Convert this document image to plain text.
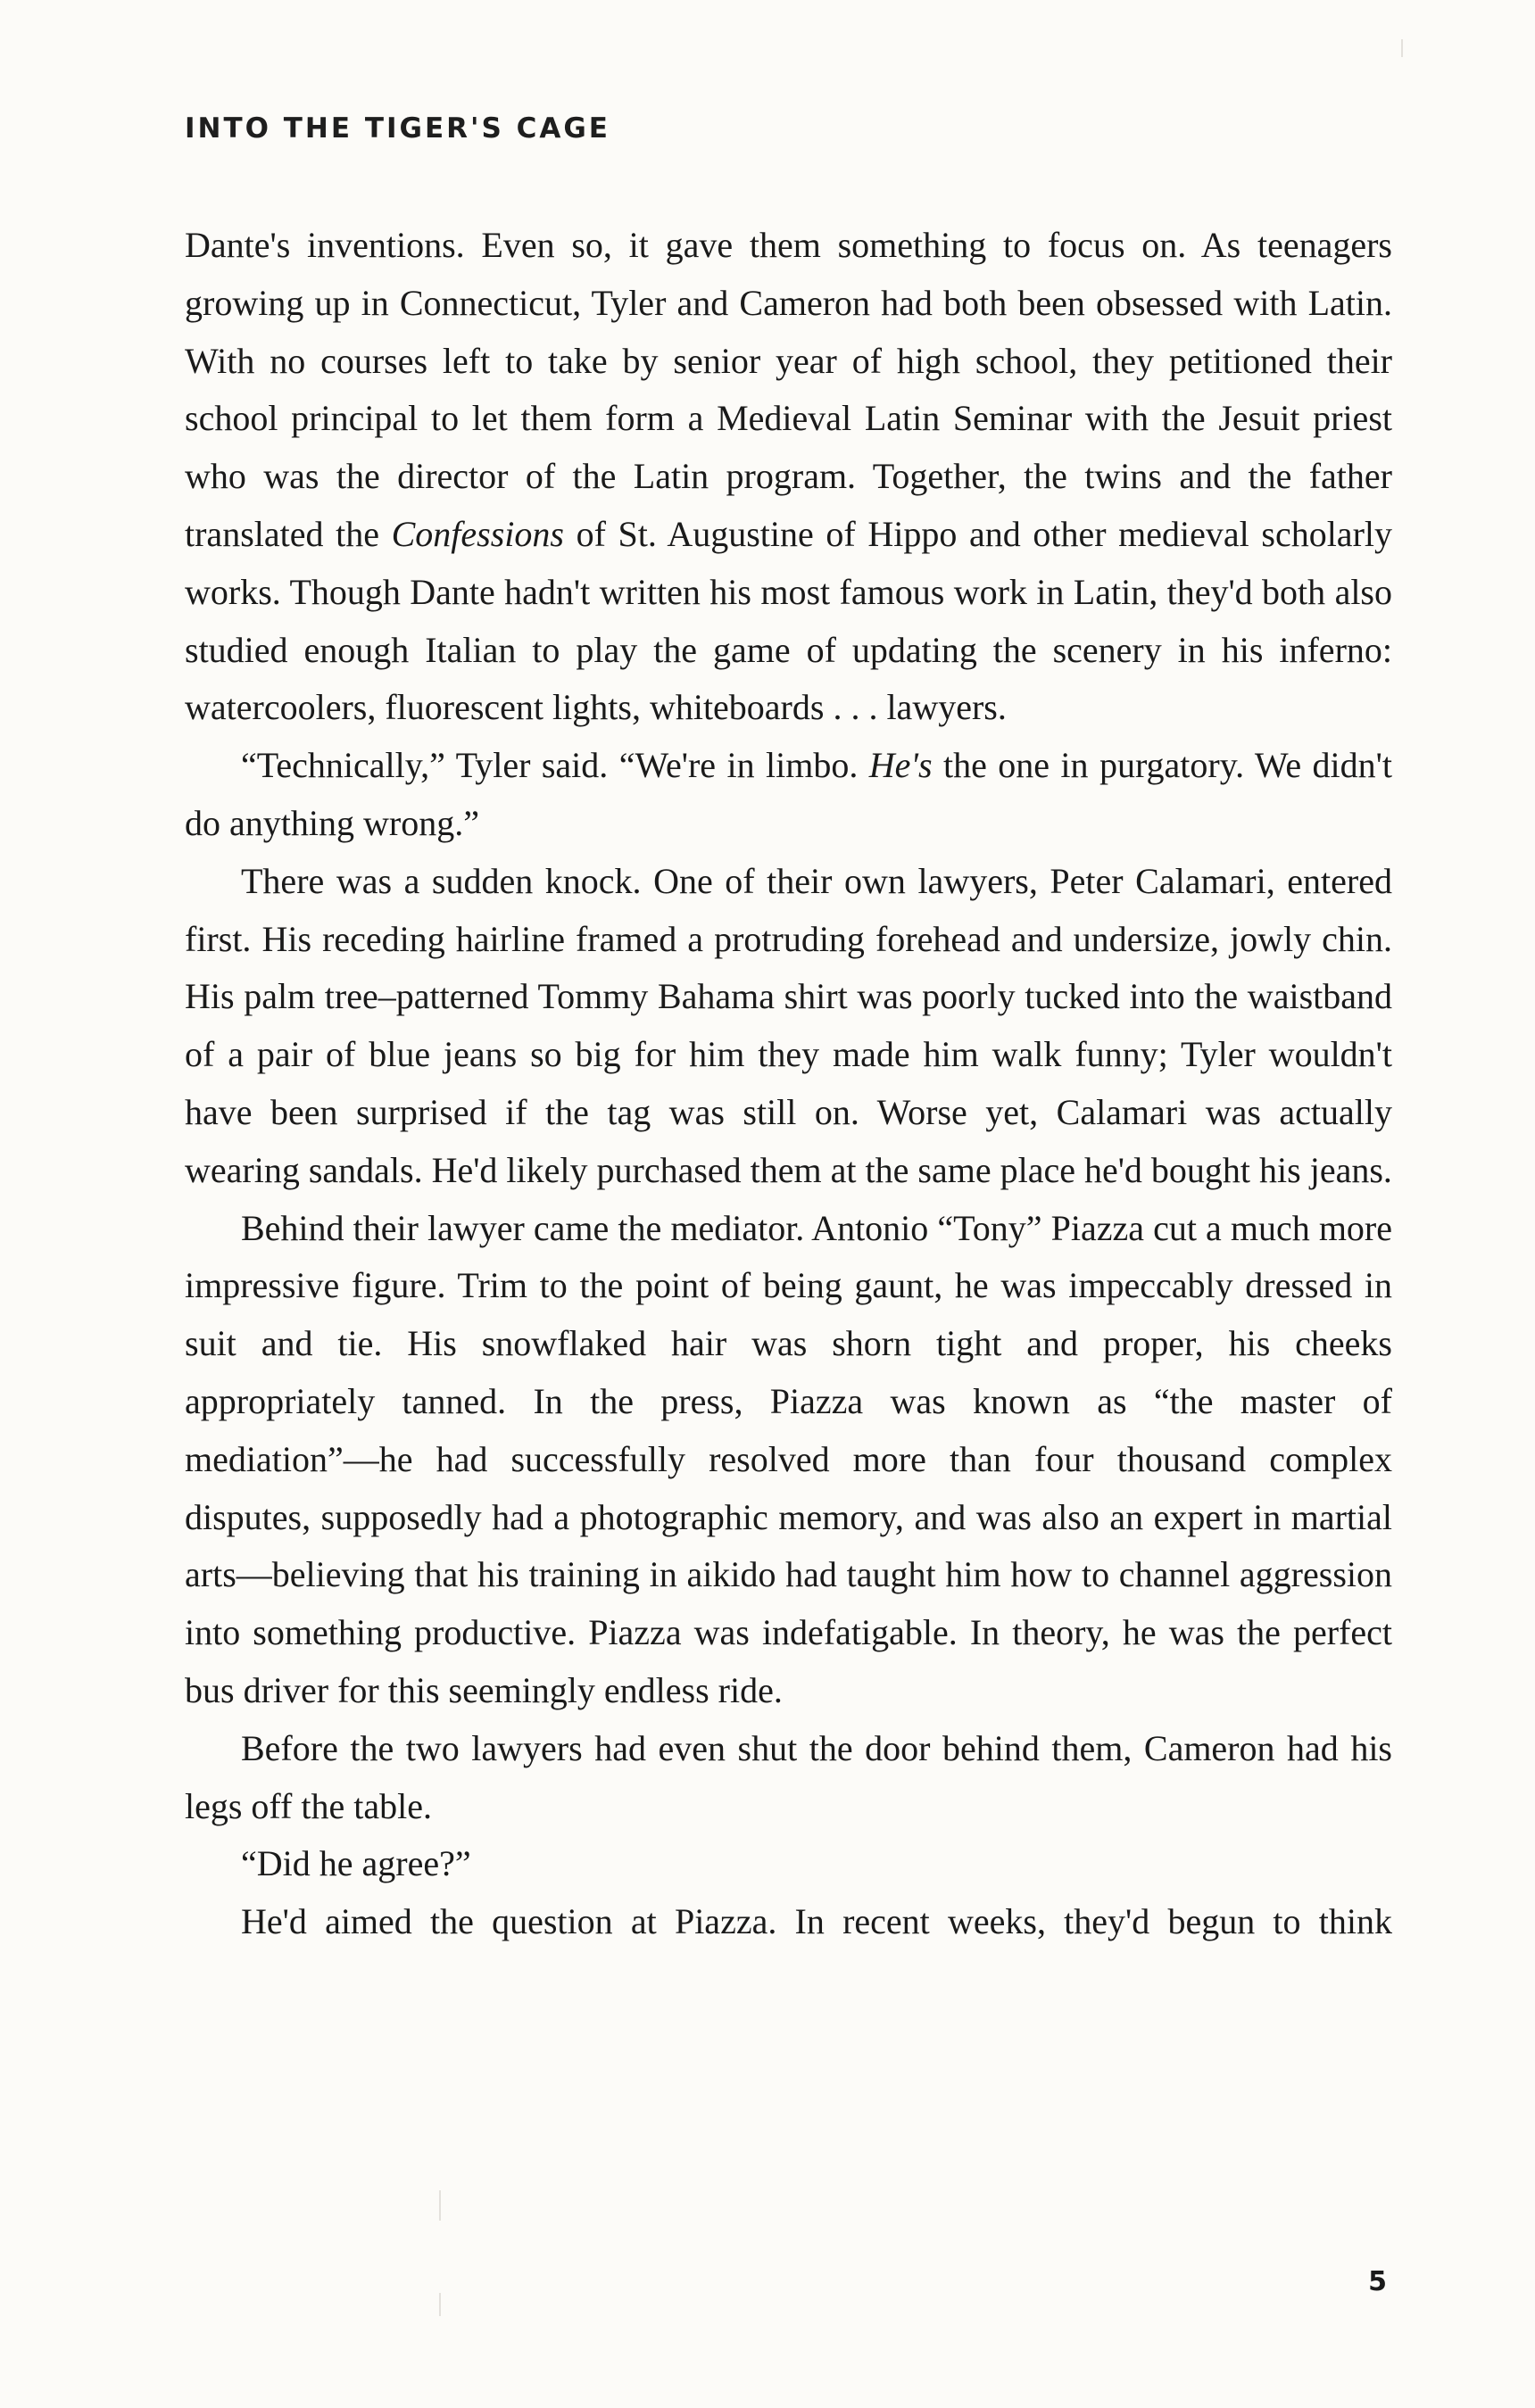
INTO THE TIGER'S CAGE

Dante's inventions. Even so, it gave them something to focus on. As teenagers growing up in Connecticut, Tyler and Cameron had both been obsessed with Latin. With no courses left to take by senior year of high school, they petitioned their school principal to let them form a Medieval Latin Seminar with the Jesuit priest who was the director of the Latin program. Together, the twins and the father translated the Confessions of St. Augustine of Hippo and other medieval scholarly works. Though Dante hadn't written his most famous work in Latin, they'd both also studied enough Italian to play the game of updating the scenery in his inferno: watercoolers, fluorescent lights, whiteboards . . . lawyers.

“Technically,” Tyler said. “We're in limbo. He's the one in purgatory. We didn't do anything wrong.”

There was a sudden knock. One of their own lawyers, Peter Calamari, entered first. His receding hairline framed a protruding forehead and undersize, jowly chin. His palm tree–patterned Tommy Bahama shirt was poorly tucked into the waistband of a pair of blue jeans so big for him they made him walk funny; Tyler wouldn't have been surprised if the tag was still on. Worse yet, Calamari was actually wearing sandals. He'd likely purchased them at the same place he'd bought his jeans.

Behind their lawyer came the mediator. Antonio “Tony” Piazza cut a much more impressive figure. Trim to the point of being gaunt, he was impeccably dressed in suit and tie. His snowflaked hair was shorn tight and proper, his cheeks appropriately tanned. In the press, Piazza was known as “the master of mediation”—he had successfully resolved more than four thousand complex disputes, supposedly had a photographic memory, and was also an expert in martial arts—believing that his training in aikido had taught him how to channel aggression into something productive. Piazza was indefatigable. In theory, he was the perfect bus driver for this seemingly endless ride.

Before the two lawyers had even shut the door behind them, Cameron had his legs off the table.

“Did he agree?”

He'd aimed the question at Piazza. In recent weeks, they'd begun to think

5
